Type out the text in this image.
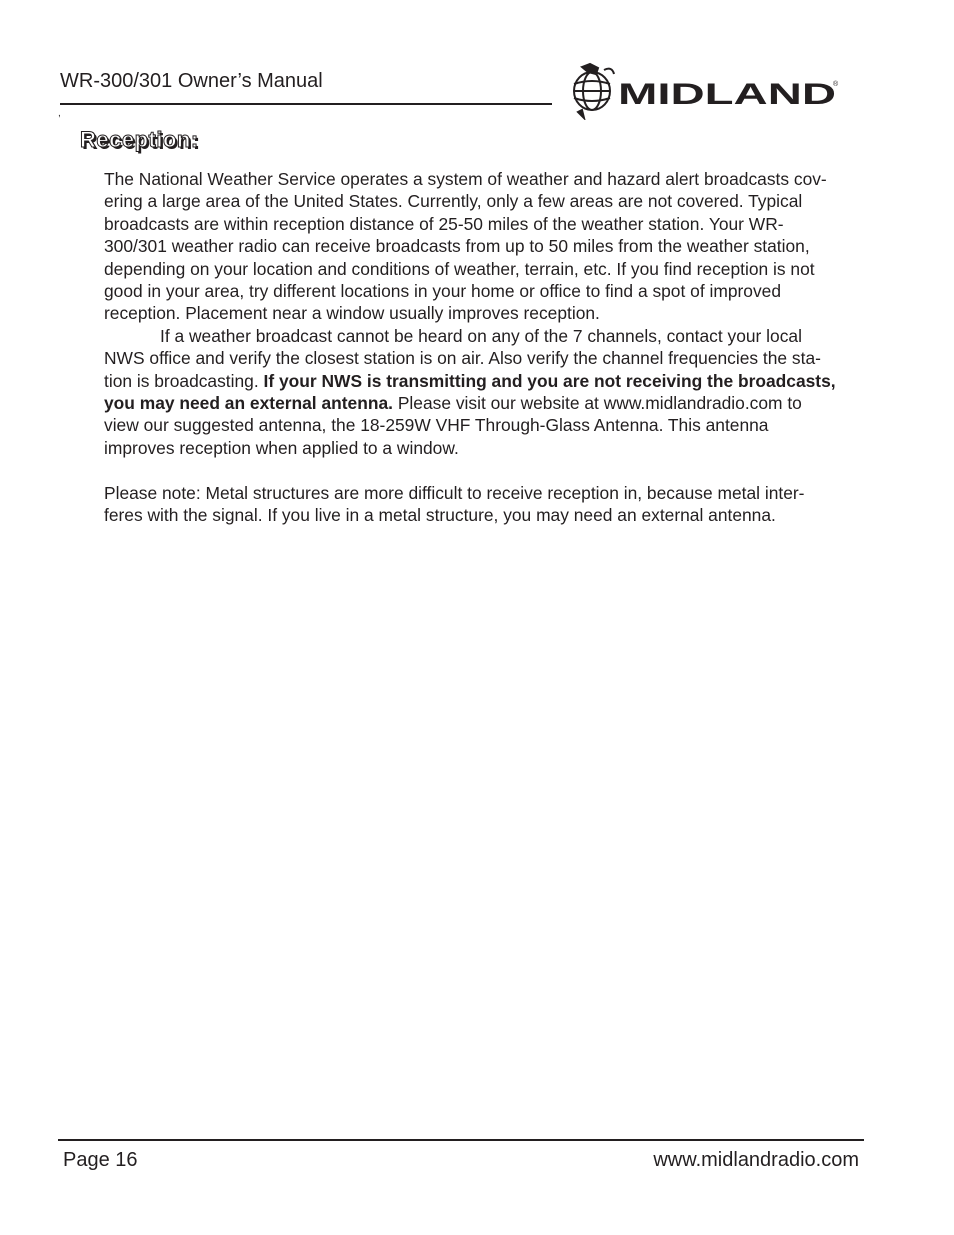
WR-300/301 Owner’s Manual
,
MIDLAND
®
Reception:
The National Weather Service operates a system of weather and hazard alert broadcasts cov-
ering a large area of the United States. Currently, only a few areas are not covered. Typical
broadcasts are within reception distance of 25-50 miles of the weather station. Your WR-
300/301 weather radio can receive broadcasts from up to 50 miles from the weather station,
depending on your location and conditions of weather, terrain, etc. If you find reception is not
good in your area, try different locations in your home or office to find a spot of improved
reception. Placement near a window usually improves reception.
If a weather broadcast cannot be heard on any of the 7 channels, contact your local
NWS office and verify the closest station is on air. Also verify the channel frequencies the sta-
tion is broadcasting. If your NWS is transmitting and you are not receiving the broadcasts,
you may need an external antenna. Please visit our website at www.midlandradio.com to
view our suggested antenna, the 18-259W VHF Through-Glass Antenna. This antenna
improves reception when applied to a window.
Please note: Metal structures are more difficult to receive reception in, because metal inter-
feres with the signal. If you live in a metal structure, you may need an external antenna.
Page 16	www.midlandradio.com
